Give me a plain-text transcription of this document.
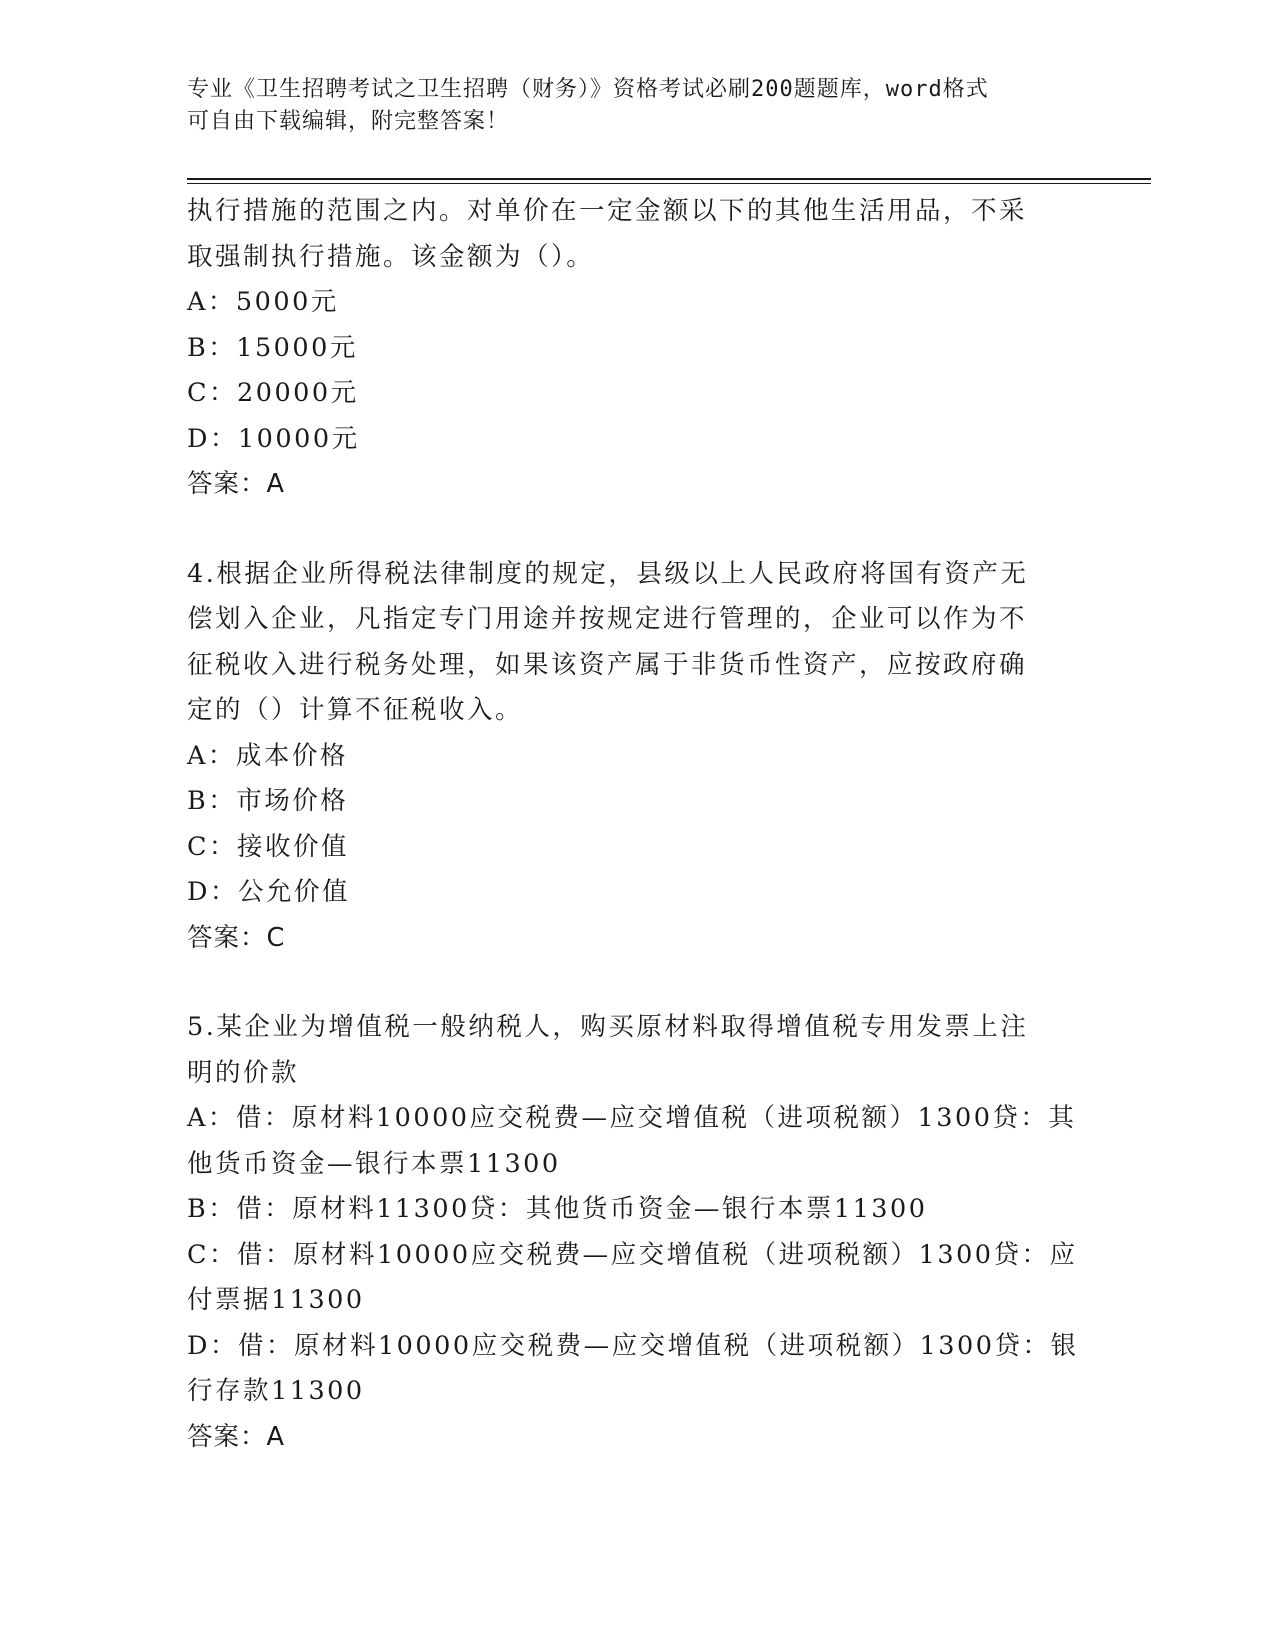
专业《卫生招聘考试之卫生招聘（财务）》资格考试必刷200题题库，word格式
可自由下载编辑，附完整答案！
执行措施的范围之内。对单价在一定金额以下的其他生活用品，不采
取强制执行措施。该金额为（）。
A：5000元
B：15000元
C：20000元
D：10000元
答案：A
4.根据企业所得税法律制度的规定，县级以上人民政府将国有资产无
偿划入企业，凡指定专门用途并按规定进行管理的，企业可以作为不
征税收入进行税务处理，如果该资产属于非货币性资产，应按政府确
定的（）计算不征税收入。
A：成本价格
B：市场价格
C：接收价值
D：公允价值
答案：C
5.某企业为增值税一般纳税人，购买原材料取得增值税专用发票上注
明的价款
A：借：原材料10000应交税费—应交增值税（进项税额）1300贷：其
他货币资金—银行本票11300
B：借：原材料11300贷：其他货币资金—银行本票11300
C：借：原材料10000应交税费—应交增值税（进项税额）1300贷：应
付票据11300
D：借：原材料10000应交税费—应交增值税（进项税额）1300贷：银
行存款11300
答案：A
